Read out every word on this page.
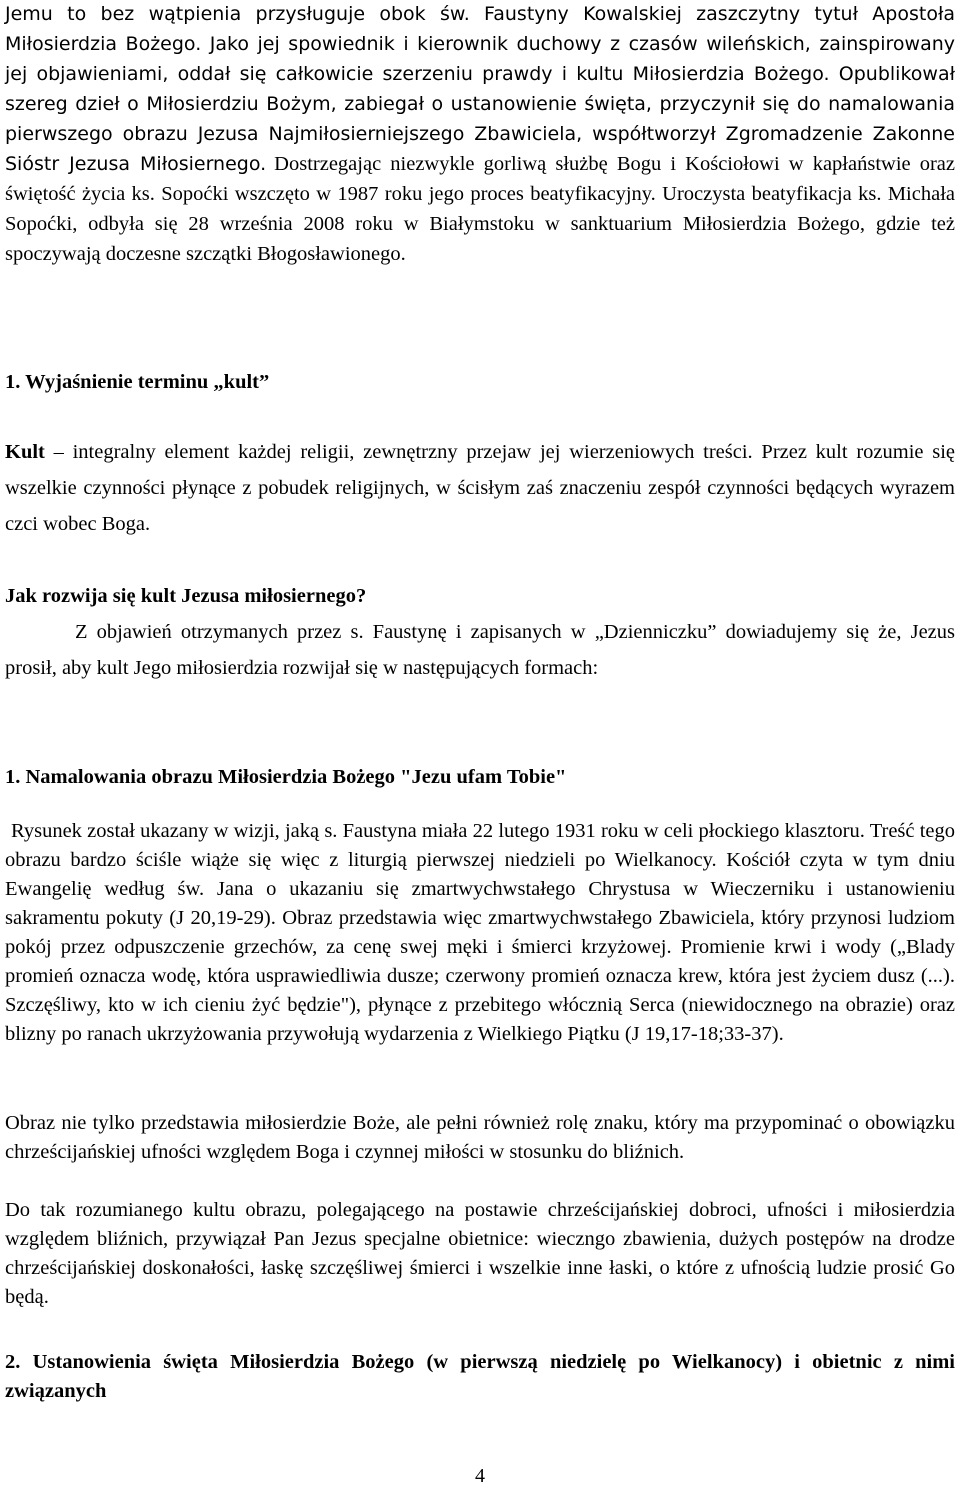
Jemu to bez wątpienia przysługuje obok św. Faustyny Kowalskiej zaszczytny tytuł Apostoła Miłosierdzia Bożego. Jako jej spowiednik i kierownik duchowy z czasów wileńskich, zainspirowany jej objawieniami, oddał się całkowicie szerzeniu prawdy i kultu Miłosierdzia Bożego. Opublikował szereg dzieł o Miłosierdziu Bożym, zabiegał o ustanowienie święta, przyczynił się do namalowania pierwszego obrazu Jezusa Najmiłosierniejszego Zbawiciela, współtworzył Zgromadzenie Zakonne Sióstr Jezusa Miłosiernego. Dostrzegając niezwykle gorliwą służbę Bogu i Kościołowi w kapłaństwie oraz świętość życia ks. Sopoćki wszczęto w 1987 roku jego proces beatyfikacyjny. Uroczysta beatyfikacja ks. Michała Sopoćki, odbyła się 28 września 2008 roku w Białymstoku w sanktuarium Miłosierdzia Bożego, gdzie też spoczywają doczesne szczątki Błogosławionego.

1. Wyjaśnienie terminu „kult”

Kult – integralny element każdej religii, zewnętrzny przejaw jej wierzeniowych treści. Przez kult rozumie się wszelkie czynności płynące z pobudek religijnych, w ścisłym zaś znaczeniu zespół czynności będących wyrazem czci wobec Boga.

Jak rozwija się kult Jezusa miłosiernego?

Z objawień otrzymanych przez s. Faustynę i zapisanych w „Dzienniczku” dowiadujemy się że, Jezus prosił, aby kult Jego miłosierdzia rozwijał się w następujących formach:

1. Namalowania obrazu Miłosierdzia Bożego "Jezu ufam Tobie"

Rysunek został ukazany w wizji, jaką s. Faustyna miała 22 lutego 1931 roku w celi płockiego klasztoru. Treść tego obrazu bardzo ściśle wiąże się więc z liturgią pierwszej niedzieli po Wielkanocy. Kościół czyta w tym dniu Ewangelię według św. Jana o ukazaniu się zmartwychwstałego Chrystusa w Wieczerniku i ustanowieniu sakramentu pokuty (J 20,19-29). Obraz przedstawia więc zmartwychwstałego Zbawiciela, który przynosi ludziom pokój przez odpuszczenie grzechów, za cenę swej męki i śmierci krzyżowej. Promienie krwi i wody („Blady promień oznacza wodę, która usprawiedliwia dusze; czerwony promień oznacza krew, która jest życiem dusz (...). Szczęśliwy, kto w ich cieniu żyć będzie"), płynące z przebitego włócznią Serca (niewidocznego na obrazie) oraz blizny po ranach ukrzyżowania przywołują wydarzenia z Wielkiego Piątku (J 19,17-18;33-37).

Obraz nie tylko przedstawia miłosierdzie Boże, ale pełni również rolę znaku, który ma przypominać o obowiązku chrześcijańskiej ufności względem Boga i czynnej miłości w stosunku do bliźnich.

Do tak rozumianego kultu obrazu, polegającego na postawie chrześcijańskiej dobroci, ufności i miłosierdzia względem bliźnich, przywiązał Pan Jezus specjalne obietnice: wieczngo zbawienia, dużych postępów na drodze chrześcijańskiej doskonałości, łaskę szczęśliwej śmierci i wszelkie inne łaski, o które z ufnością ludzie prosić Go będą.

2. Ustanowienia święta Miłosierdzia Bożego (w pierwszą niedzielę po Wielkanocy) i obietnic z nimi związanych

4
